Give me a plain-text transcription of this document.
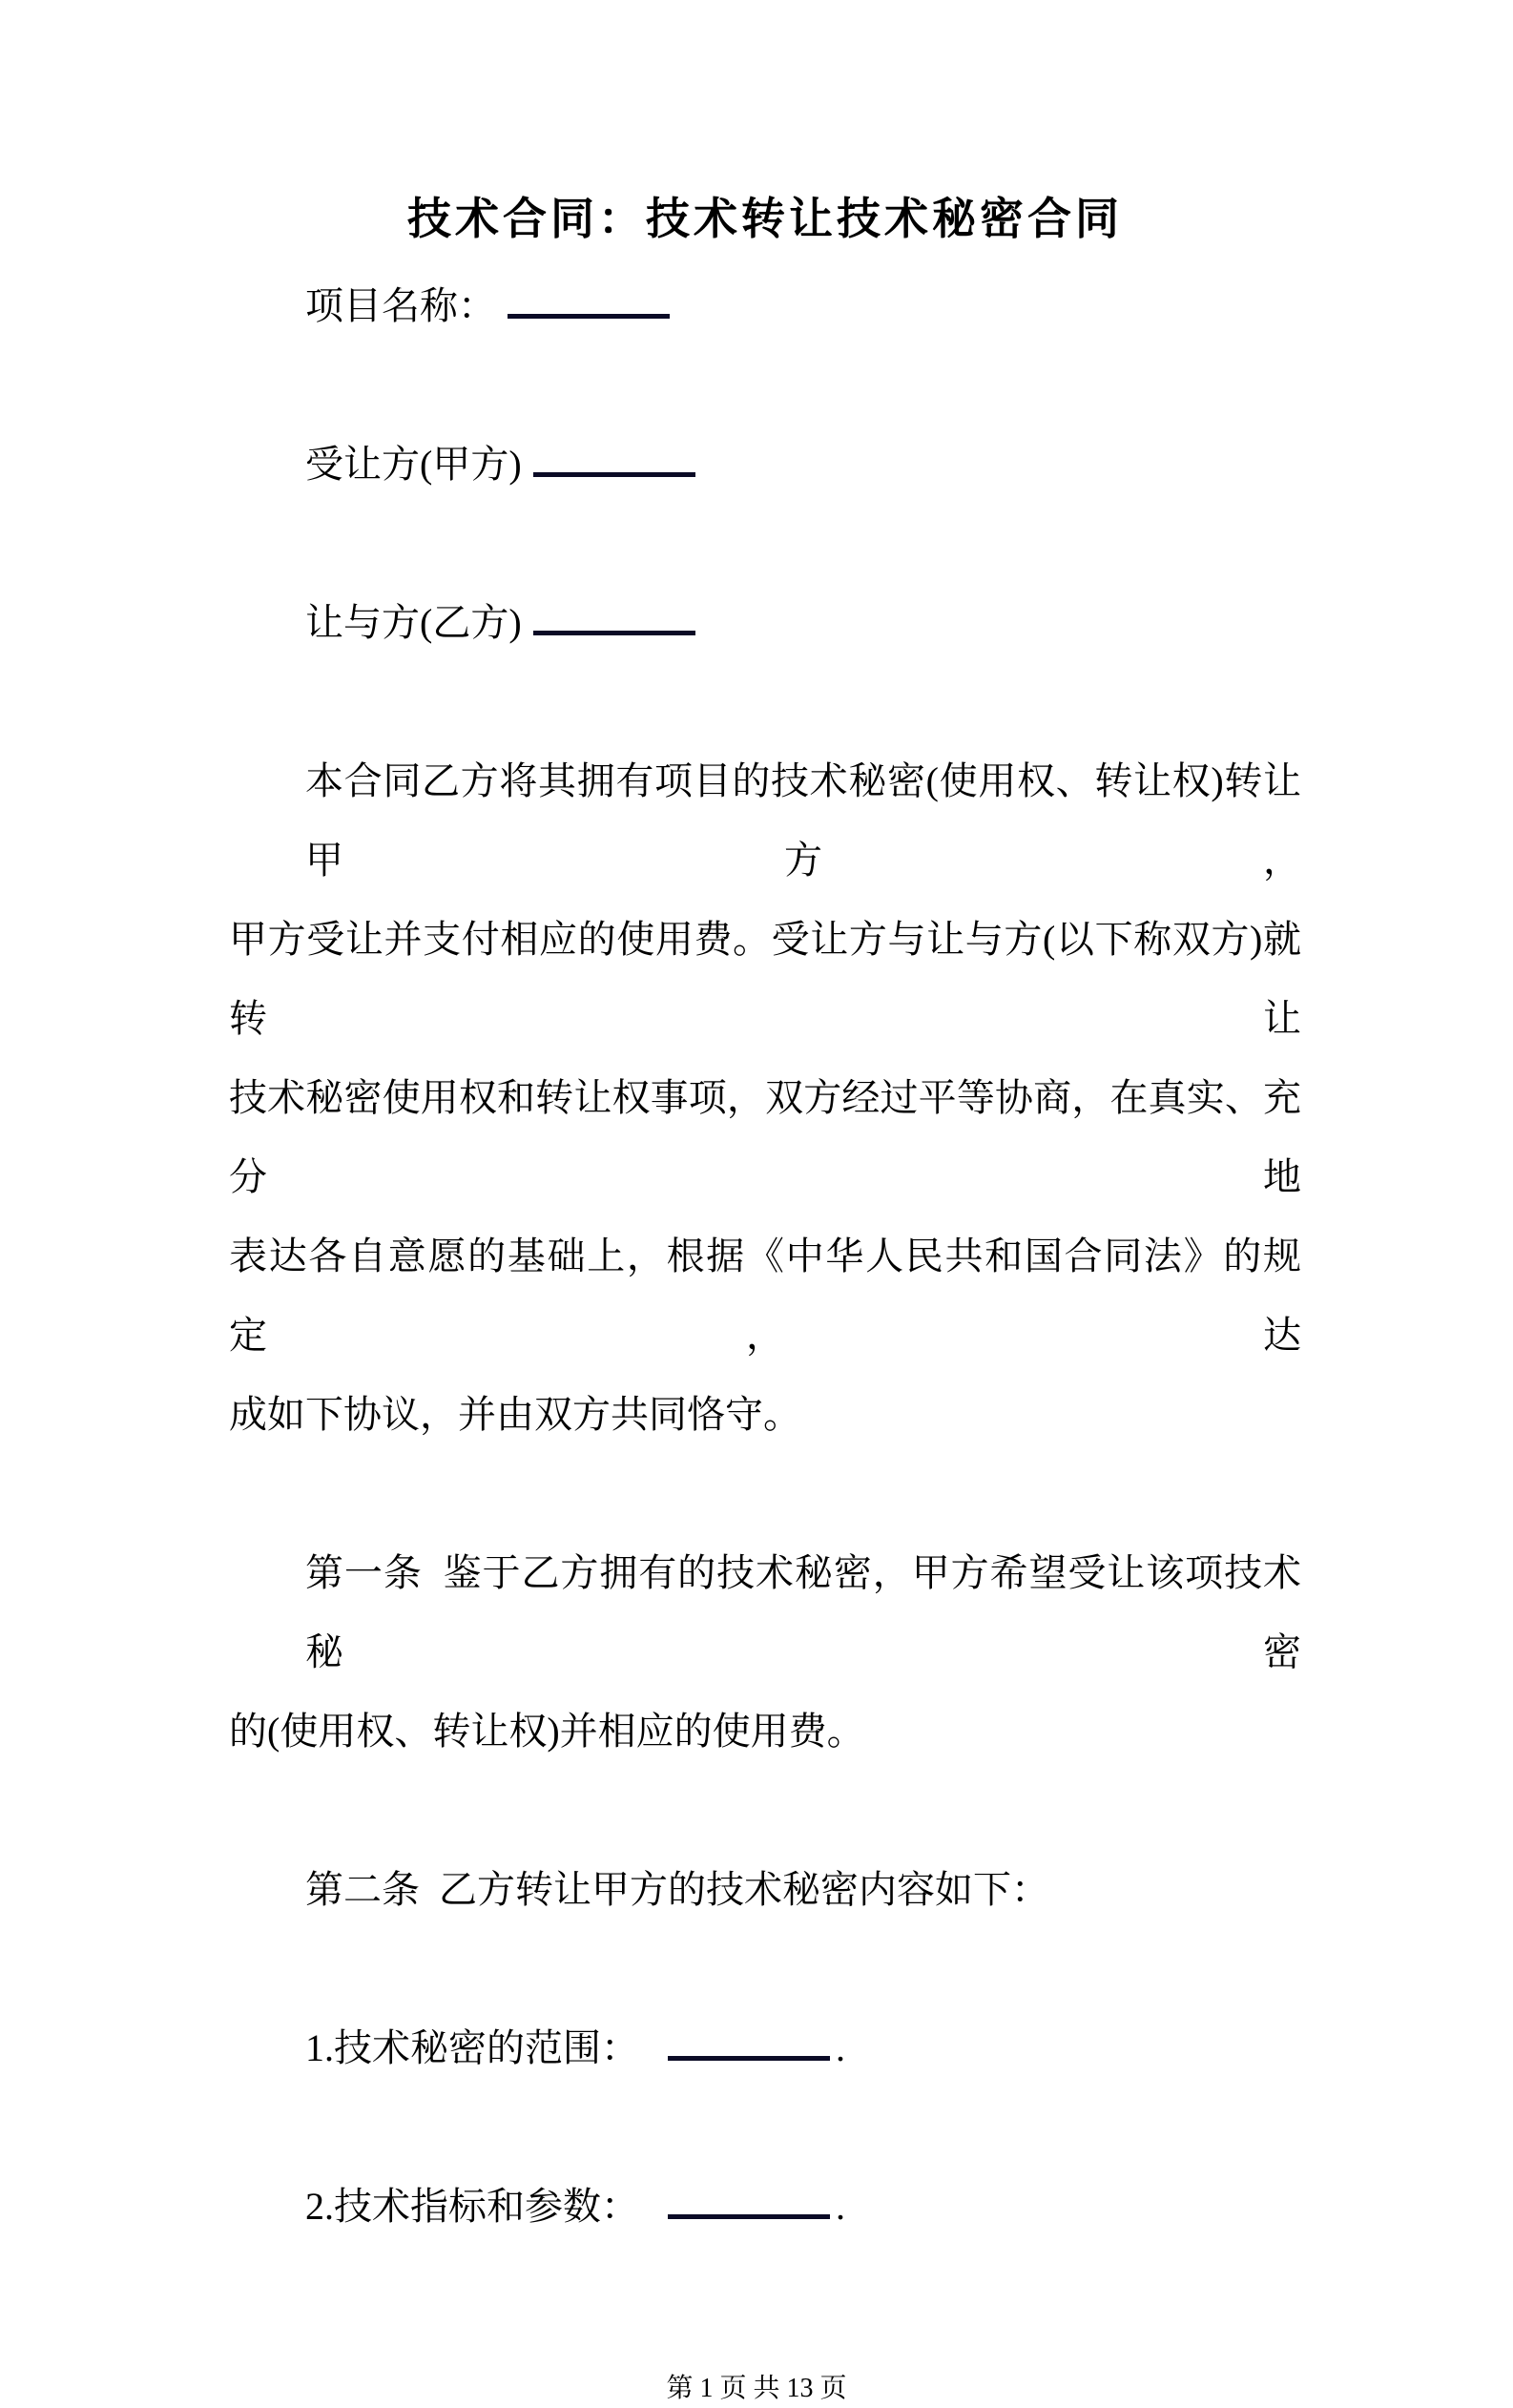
技术合同：技术转让技术秘密合同
项目名称：
受让方(甲方)
让与方(乙方)
本合同乙方将其拥有项目的技术秘密(使用权、转让权)转让甲方，
甲方受让并支付相应的使用费。受让方与让与方(以下称双方)就转让
技术秘密使用权和转让权事项，双方经过平等协商，在真实、充分地
表达各自意愿的基础上，根据《中华人民共和国合同法》的规定，达
成如下协议，并由双方共同恪守。
第一条  鉴于乙方拥有的技术秘密，甲方希望受让该项技术秘密
的(使用权、转让权)并相应的使用费。
第二条  乙方转让甲方的技术秘密内容如下：
1.技术秘密的范围：	.
2.技术指标和参数：	.
第 1 页 共 13 页
